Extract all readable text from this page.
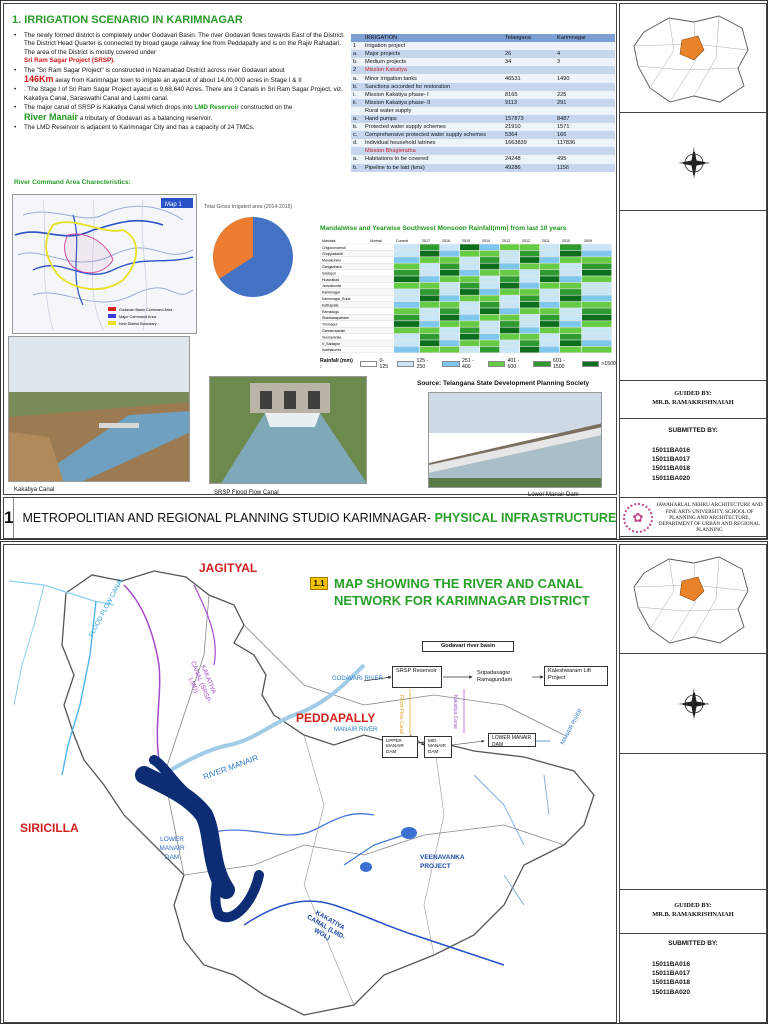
1. IRRIGATION SCENARIO IN KARIMNAGAR

• The newly formed district is completely under Godavari Basin. The river Godavari flows towards East of the District. The District Head Quarter is connected by broad gauge railway line from Peddapally and is on the Rajiv Rahadari. The area of the District is mostly covered under
Sri Ram Sagar Project (SRSP).

• The "Sri Ram Sagar Project" is constructed in Nizamabad District across river Godavari about
146Km away from Karimnagar town to irrigate an ayacut of about 14,00,000 acres in Stage I & II

• . The Stage I of Sri Ram Sagar Project ayacut is 9,68,640 Acres. There are 3 Canals in Sri Ram Sagar Project, viz. Kakatiya Canal, Saraswathi Canal and Laxmi canal.

• The major canal of SRSP is Kakatiya Canal which drops into LMD Reservoir constructed on the
River Manair a tributary of Godavari as a balancing reservoir.

• The LMD Reservoir is adjacent to Karimnagar City and has a capacity of 24 TMCs.

	IRRIGATION	Telangana	Karimnagar
1	Irrigation project		
a.	Major projects	26	4
b.	Medium projects	34	3
2	Mission Kakatiya		
a.	Minor irrigation tanks	46531	1490
b.	Sanctions accorded for restoration		
i.	Mission Kakatiya phase- I	8165	225
ii.	Mission Kakatiya phase- II	9113	291
	Rural water supply		
a.	Hand pumps	157873	8487
b.	Protected water supply schemes	21910	1571
c.	Comprehensive protected water supply schemes	5364	166
d.	Individual household latrines	1663839	117836
	Mission Bhagieratha		
a.	Habitations to be covered	24248	495
b.	Pipeline to be laid (kms)	49286	1156
River Command Area Charecteristics:
Map 1
Godavari Basin Command Area
Major Command Area
New District Boundary
Total Gross Irrigated area (2014-2015)
Mandalwise and Yearwise Southwest Monsoon Rainfall(mm) from last 10 years
Mandals	Normal	Current	2017	2016	2015	2014	2013	2012	2011	2010	2009
Chigurumamidi
Choppadandi
Manakondur
Gangadhara
Saidapur
Huzurabad
Jammikunta
Karimnagar
Karimnagar_Rural
Kothapalle
Ramadugu
Shankarapatnam
Timmapur
Ganneruvaram
Veenavanka
V_Saidapur
Ilanthakunta
Rainfall (mm) :
0-125
125 - 250
251 - 400
401 - 600
601 - 1500	>1500
Source: Telangana State Development Planning Society
Kakatiya Canal	SRSP Flood Flow Canal	Lower Manair Dam
N
S
E
W
GUIDED BY:
MR.B. RAMAKRISHNAIAH
SUBMITTED BY:
15011BA016
15011BA017
15011BA018
15011BA020
1 METROPOLITIAN AND REGIONAL PLANNING STUDIO KARIMNAGAR- PHYSICAL INFRASTRUCTURE	✿
JAWAHARLAL NEHRU ARCHITECTURE AND FINE ARTS UNIVERSITY, SCHOOL OF PLANNING AND ARCHITECTURE, DEPARTMENT OF URBAN AND REGIONAL PLANNING
1.1 MAP SHOWING THE RIVER AND CANAL
NETWORK FOR KARIMNAGAR DISTRICT
JAGITYAL
PEDDAPALLY
SIRICILLA
FLOOD FLOW CANAL
KAKATIYA CANAL (SRSP-LMD)
RIVER MANAIR
LOWER MANAIR DAM	VEENAVANKA PROJECT
KAKATIYA CANAL (LMD-WGL)
Godavari river basin
GODAVARI RIVER
SRSP Reservoir	Sripadasagar Ramagundam
Kaleshwaram Lift Project
Flood Flow Canal	Kakatiya Canal
MANAIR RIVER
UPPER MANAIR DAM
MID MANAIR DAM
LOWER MANAIR DAM	MANAIR RIVER
N
S
E
W
GUIDED BY:
MR.B. RAMAKRISHNAIAH
SUBMITTED BY:
15011BA016
15011BA017
15011BA018
15011BA020
